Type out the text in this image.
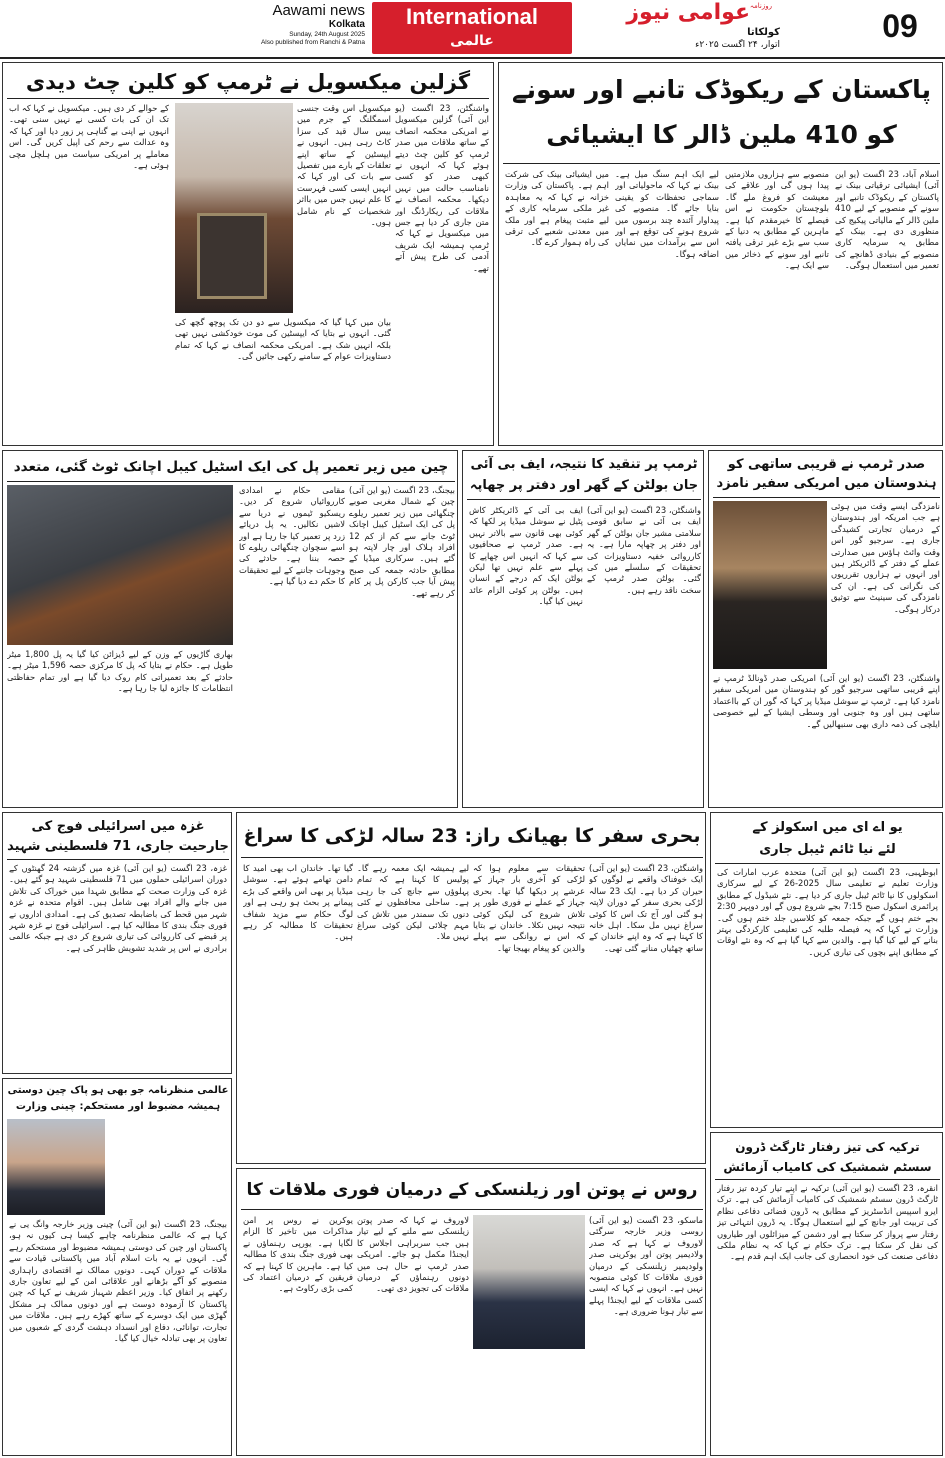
Aawami news
Kolkata
Sunday, 24th August 2025
Also published from Ranchi & Patna
International
عالمی
روزنامہ
عوامی نیوز
کولکاتا
اتوار، ۲۴ اگست ۲۰۲۵ء
09
گزلین میکسویل نے ٹرمپ کو کلین چٹ دیدی
واشنگٹن، 23 اگست (یو این آئی) گزلین میکسویل نے امریکی محکمہ انصاف کے ساتھ ملاقات میں صدر ٹرمپ کو کلین چٹ دیتے ہوئے کہا کہ انہوں نے کبھی صدر کو کسی نامناسب حالت میں نہیں دیکھا۔ محکمہ انصاف نے ملاقات کی ریکارڈنگ اور متن جاری کر دیا ہے جس میں میکسویل نے کہا کہ ٹرمپ ہمیشہ ایک شریف آدمی کی طرح پیش آتے تھے۔
میکسویل اس وقت جنسی اسمگلنگ کے جرم میں بیس سال قید کی سزا کاٹ رہی ہیں۔ انہوں نے ایپسٹین کے ساتھ اپنے تعلقات کے بارے میں تفصیل سے بات کی اور کہا کہ انہیں ایسی کسی فہرست کا علم نہیں جس میں بااثر شخصیات کے نام شامل ہوں۔
بیان میں کہا گیا کہ میکسویل سے دو دن تک پوچھ گچھ کی گئی۔ انہوں نے بتایا کہ ایپسٹین کی موت خودکشی نہیں تھی بلکہ انہیں شک ہے۔ امریکی محکمہ انصاف نے کہا کہ تمام دستاویزات عوام کے سامنے رکھی جائیں گی۔
کے حوالے کر دی ہیں۔ میکسویل نے کہا کہ اب تک ان کی بات کسی نے نہیں سنی تھی۔ انہوں نے اپنی بے گناہی پر زور دیا اور کہا کہ وہ عدالت سے رحم کی اپیل کریں گی۔ اس معاملے پر امریکی سیاست میں ہلچل مچی ہوئی ہے۔
پاکستان کے ریکوڈک تانبے اور سونے
کو 410 ملین ڈالر کا ایشیائی
اسلام آباد، 23 اگست (یو این آئی) ایشیائی ترقیاتی بینک نے پاکستان کے ریکوڈک تانبے اور سونے کے منصوبے کے لیے 410 ملین ڈالر کے مالیاتی پیکیج کی منظوری دی ہے۔ بینک کے مطابق یہ سرمایہ کاری منصوبے کے بنیادی ڈھانچے کی تعمیر میں استعمال ہوگی۔
منصوبے سے ہزاروں ملازمتیں پیدا ہوں گی اور علاقے کی معیشت کو فروغ ملے گا۔ بلوچستان حکومت نے اس فیصلے کا خیرمقدم کیا ہے۔ ماہرین کے مطابق یہ دنیا کے سب سے بڑے غیر ترقی یافتہ تانبے اور سونے کے ذخائر میں سے ایک ہے۔
لیے ایک اہم سنگ میل ہے۔ بینک نے کہا کہ ماحولیاتی اور سماجی تحفظات کو یقینی بنایا جائے گا۔ منصوبے کی پیداوار آئندہ چند برسوں میں شروع ہونے کی توقع ہے اور اس سے برآمدات میں نمایاں اضافہ ہوگا۔
میں ایشیائی بینک کی شرکت اہم ہے۔ پاکستان کی وزارت خزانہ نے کہا کہ یہ معاہدہ غیر ملکی سرمایہ کاری کے لیے مثبت پیغام ہے اور ملک میں معدنی شعبے کی ترقی کی راہ ہموار کرے گا۔
صدر ٹرمپ نے قریبی ساتھی کو ہندوستان میں امریکی سفیر نامزد
نامزدگی ایسے وقت میں ہوئی ہے جب امریکہ اور ہندوستان کے درمیان تجارتی کشیدگی جاری ہے۔ سرجیو گور اس وقت وائٹ ہاؤس میں صدارتی عملے کے دفتر کے ڈائریکٹر ہیں اور انہوں نے ہزاروں تقرریوں کی نگرانی کی ہے۔ ان کی نامزدگی کی سینیٹ سے توثیق درکار ہوگی۔
واشنگٹن، 23 اگست (یو این آئی) امریکی صدر ڈونالڈ ٹرمپ نے اپنے قریبی ساتھی سرجیو گور کو ہندوستان میں امریکی سفیر نامزد کیا ہے۔ ٹرمپ نے سوشل میڈیا پر کہا کہ گور ان کے بااعتماد ساتھی ہیں اور وہ جنوبی اور وسطی ایشیا کے لیے خصوصی ایلچی کی ذمہ داری بھی سنبھالیں گے۔
ٹرمپ پر تنقید کا نتیجہ، ایف بی آئی
جان بولٹن کے گھر اور دفتر پر چھاپہ
واشنگٹن، 23 اگست (یو این آئی) ایف بی آئی نے سابق قومی سلامتی مشیر جان بولٹن کے گھر اور دفتر پر چھاپہ مارا ہے۔ یہ کارروائی خفیہ دستاویزات کی تحقیقات کے سلسلے میں کی گئی۔ بولٹن صدر ٹرمپ کے سخت ناقد رہے ہیں۔
ایف بی آئی کے ڈائریکٹر کاش پٹیل نے سوشل میڈیا پر لکھا کہ کوئی بھی قانون سے بالاتر نہیں ہے۔ صدر ٹرمپ نے صحافیوں سے کہا کہ انہیں اس چھاپے کا پہلے سے علم نہیں تھا لیکن بولٹن ایک کم درجے کے انسان ہیں۔ بولٹن پر کوئی الزام عائد نہیں کیا گیا۔
چین میں زیر تعمیر پل کی ایک اسٹیل کیبل اچانک ٹوٹ گئی، متعدد
بیجنگ، 23 اگست (یو این آئی) چین کے شمال مغربی صوبے چنگھائی میں زیر تعمیر ریلوے پل کی ایک اسٹیل کیبل اچانک ٹوٹ جانے سے کم از کم 12 افراد ہلاک اور چار لاپتہ ہو گئے ہیں۔ سرکاری میڈیا کے مطابق حادثہ جمعہ کی صبح پیش آیا جب کارکن پل پر کام کر رہے تھے۔
مقامی حکام نے امدادی کارروائیاں شروع کر دیں۔ ریسکیو ٹیموں نے دریا سے لاشیں نکالیں۔ یہ پل دریائے زرد پر تعمیر کیا جا رہا ہے اور اسے سچوان چنگھائی ریلوے کا حصہ بننا ہے۔ حادثے کی وجوہات جاننے کے لیے تحقیقات کا حکم دے دیا گیا ہے۔
بھاری گاڑیوں کے وزن کے لیے ڈیزائن کیا گیا یہ پل 1,800 میٹر طویل ہے۔ حکام نے بتایا کہ پل کا مرکزی حصہ 1,596 میٹر ہے۔ حادثے کے بعد تعمیراتی کام روک دیا گیا ہے اور تمام حفاظتی انتظامات کا جائزہ لیا جا رہا ہے۔
غزہ میں اسرائیلی فوج کی
جارحیت جاری، 71 فلسطینی شہید
غزہ، 23 اگست (یو این آئی) غزہ میں گزشتہ 24 گھنٹوں کے دوران اسرائیلی حملوں میں 71 فلسطینی شہید ہو گئے ہیں۔ غزہ کی وزارت صحت کے مطابق شہدا میں خوراک کی تلاش میں جانے والے افراد بھی شامل ہیں۔ اقوام متحدہ نے غزہ شہر میں قحط کی باضابطہ تصدیق کی ہے۔ امدادی اداروں نے فوری جنگ بندی کا مطالبہ کیا ہے۔ اسرائیلی فوج نے غزہ شہر پر قبضے کی کارروائی کی تیاری شروع کر دی ہے جبکہ عالمی برادری نے اس پر شدید تشویش ظاہر کی ہے۔
عالمی منظرنامہ جو بھی ہو پاک چین دوستی
ہمیشہ مضبوط اور مستحکم: چینی وزارت
بیجنگ، 23 اگست (یو این آئی) چینی وزیر خارجہ وانگ یی نے کہا ہے کہ عالمی منظرنامہ چاہے کیسا ہی کیوں نہ ہو، پاکستان اور چین کی دوستی ہمیشہ مضبوط اور مستحکم رہے گی۔ انہوں نے یہ بات اسلام آباد میں پاکستانی قیادت سے ملاقات کے دوران کہی۔ دونوں ممالک نے اقتصادی راہداری منصوبے کو آگے بڑھانے اور علاقائی امن کے لیے تعاون جاری رکھنے پر اتفاق کیا۔ وزیر اعظم شہباز شریف نے کہا کہ چین پاکستان کا آزمودہ دوست ہے اور دونوں ممالک ہر مشکل گھڑی میں ایک دوسرے کے ساتھ کھڑے رہے ہیں۔ ملاقات میں تجارت، توانائی، دفاع اور انسداد دہشت گردی کے شعبوں میں تعاون پر بھی تبادلہ خیال کیا گیا۔
بحری سفر کا بھیانک راز: 23 سالہ لڑکی کا سراغ
واشنگٹن، 23 اگست (یو این آئی) ایک خوفناک واقعے نے لوگوں کو حیران کر دیا ہے۔ ایک 23 سالہ لڑکی بحری سفر کے دوران لاپتہ ہو گئی اور آج تک اس کا کوئی سراغ نہیں مل سکا۔ اہل خانہ کا کہنا ہے کہ وہ اپنے خاندان کے ساتھ چھٹیاں منانے گئی تھی۔
تحقیقات سے معلوم ہوا کہ لڑکی کو آخری بار جہاز کے عرشے پر دیکھا گیا تھا۔ بحری جہاز کے عملے نے فوری طور پر تلاش شروع کی لیکن کوئی نتیجہ نہیں نکلا۔ خاندان نے بتایا کہ اس نے روانگی سے پہلے والدین کو پیغام بھیجا تھا۔
لیے ہمیشہ ایک معمہ رہے گا۔ پولیس کا کہنا ہے کہ تمام پہلوؤں سے جانچ کی جا رہی ہے۔ ساحلی محافظوں نے کئی دنوں تک سمندر میں تلاش کی مہم چلائی لیکن کوئی سراغ نہیں ملا۔
گیا تھا۔ خاندان اب بھی امید کا دامن تھامے ہوئے ہے۔ سوشل میڈیا پر بھی اس واقعے کی بڑے پیمانے پر بحث ہو رہی ہے اور لوگ حکام سے مزید شفاف تحقیقات کا مطالبہ کر رہے ہیں۔
روس نے پوتن اور زیلنسکی کے درمیان فوری ملاقات کا
ماسکو، 23 اگست (یو این آئی) روسی وزیر خارجہ سرگئی لاوروف نے کہا ہے کہ صدر ولادیمیر پوتن اور یوکرینی صدر ولودیمیر زیلنسکی کے درمیان فوری ملاقات کا کوئی منصوبہ نہیں ہے۔ انہوں نے کہا کہ ایسی کسی ملاقات کے لیے ایجنڈا پہلے سے تیار ہونا ضروری ہے۔
لاوروف نے کہا کہ صدر پوتن زیلنسکی سے ملنے کے لیے تیار ہیں جب سربراہی اجلاس کا ایجنڈا مکمل ہو جائے۔ امریکی صدر ٹرمپ نے حال ہی میں دونوں رہنماؤں کے درمیان ملاقات کی تجویز دی تھی۔
یوکرین نے روس پر امن مذاکرات میں تاخیر کا الزام لگایا ہے۔ یورپی رہنماؤں نے بھی فوری جنگ بندی کا مطالبہ کیا ہے۔ ماہرین کا کہنا ہے کہ فریقین کے درمیان اعتماد کی کمی بڑی رکاوٹ ہے۔
یو اے ای میں اسکولز کے
لئے نیا ٹائم ٹیبل جاری
ابوظہبی، 23 اگست (یو این آئی) متحدہ عرب امارات کی وزارت تعلیم نے تعلیمی سال 2025-26 کے لیے سرکاری اسکولوں کا نیا ٹائم ٹیبل جاری کر دیا ہے۔ نئے شیڈول کے مطابق پرائمری اسکول صبح 7:15 بجے شروع ہوں گے اور دوپہر 2:30 بجے ختم ہوں گے جبکہ جمعہ کو کلاسیں جلد ختم ہوں گی۔ وزارت نے کہا کہ یہ فیصلہ طلبہ کی تعلیمی کارکردگی بہتر بنانے کے لیے کیا گیا ہے۔ والدین سے کہا گیا ہے کہ وہ نئے اوقات کے مطابق اپنے بچوں کی تیاری کریں۔
ترکیہ کی تیز رفتار ٹارگٹ ڈرون
سسٹم شمشیک کی کامیاب آزمائش
انقرہ، 23 اگست (یو این آئی) ترکیہ نے اپنے تیار کردہ تیز رفتار ٹارگٹ ڈرون سسٹم شمشیک کی کامیاب آزمائش کی ہے۔ ترک ایرو اسپیس انڈسٹریز کے مطابق یہ ڈرون فضائی دفاعی نظام کی تربیت اور جانچ کے لیے استعمال ہوگا۔ یہ ڈرون انتہائی تیز رفتار سے پرواز کر سکتا ہے اور دشمن کے میزائلوں اور طیاروں کی نقل کر سکتا ہے۔ ترک حکام نے کہا کہ یہ نظام ملکی دفاعی صنعت کی خود انحصاری کی جانب ایک اہم قدم ہے۔
